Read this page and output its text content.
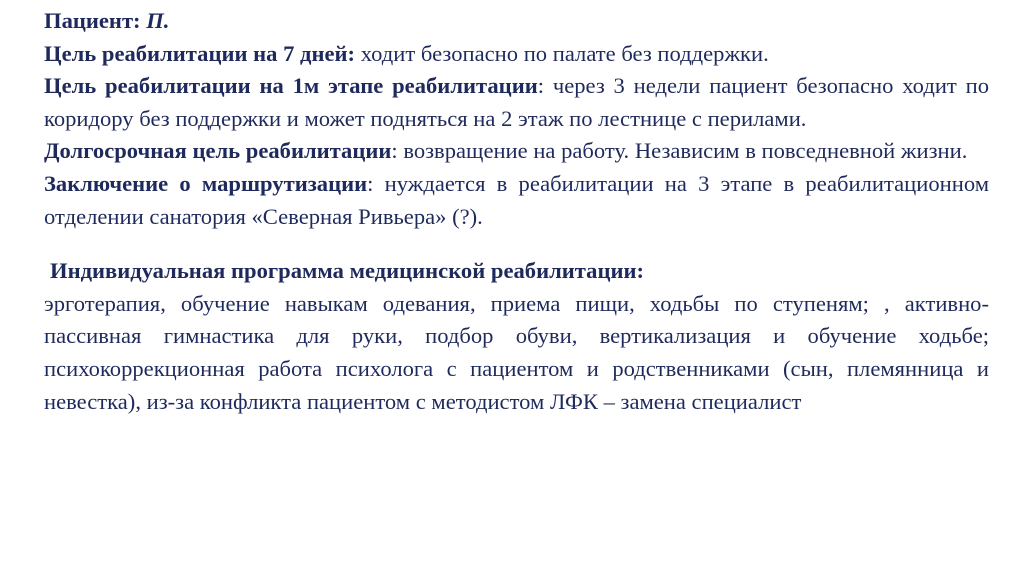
Пациент: П.

Цель реабилитации на 7 дней: ходит безопасно по палате без поддержки.

Цель реабилитации на 1м этапе реабилитации: через 3 недели пациент безопасно ходит по коридору без поддержки и может подняться на 2 этаж по лестнице с перилами.

Долгосрочная цель реабилитации: возвращение на работу. Независим в повседневной жизни.

Заключение о маршрутизации: нуждается в реабилитации на 3 этапе в реабилитационном отделении санатория «Северная Ривьера» (?).

Индивидуальная программа медицинской реабилитации:

эрготерапия, обучение навыкам одевания, приема пищи, ходьбы по ступеням; , активно-пассивная гимнастика для руки, подбор обуви, вертикализация и обучение ходьбе; психокоррекционная работа психолога с пациентом и родственниками (сын, племянница и невестка), из-за конфликта пациентом с методистом ЛФК – замена специалист
